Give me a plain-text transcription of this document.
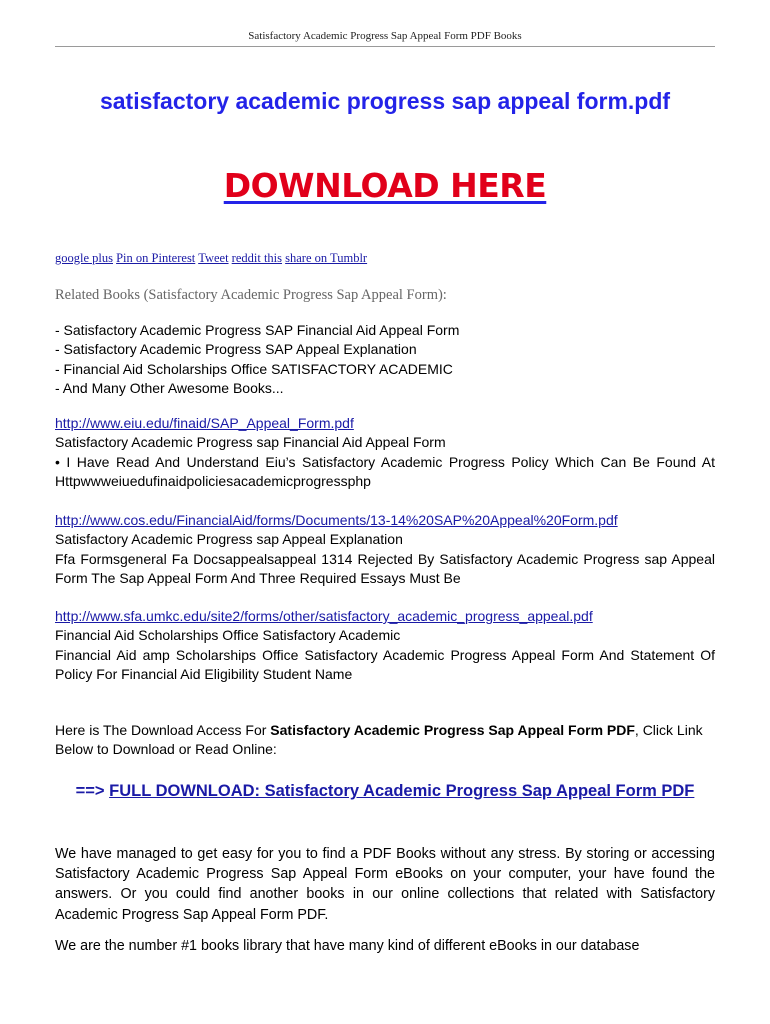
Satisfactory Academic Progress Sap Appeal Form PDF Books
satisfactory academic progress sap appeal form.pdf
DOWNLOAD HERE
google plus Pin on Pinterest Tweet reddit this share on Tumblr
Related Books (Satisfactory Academic Progress Sap Appeal Form):
- Satisfactory Academic Progress SAP Financial Aid Appeal Form
- Satisfactory Academic Progress SAP Appeal Explanation
- Financial Aid Scholarships Office SATISFACTORY ACADEMIC
- And Many Other Awesome Books...
http://www.eiu.edu/finaid/SAP_Appeal_Form.pdf
Satisfactory Academic Progress sap Financial Aid Appeal Form
• I Have Read And Understand Eiu’s Satisfactory Academic Progress Policy Which Can Be Found At Httpwwweiuedufinaidpoliciesacademicprogressphp
http://www.cos.edu/FinancialAid/forms/Documents/13-14%20SAP%20Appeal%20Form.pdf
Satisfactory Academic Progress sap Appeal Explanation
Ffa Formsgeneral Fa Docsappealsappeal 1314 Rejected By Satisfactory Academic Progress sap Appeal Form The Sap Appeal Form And Three Required Essays Must Be
http://www.sfa.umkc.edu/site2/forms/other/satisfactory_academic_progress_appeal.pdf
Financial Aid Scholarships Office Satisfactory Academic
Financial Aid amp Scholarships Office Satisfactory Academic Progress Appeal Form And Statement Of Policy For Financial Aid Eligibility Student Name
Here is The Download Access For Satisfactory Academic Progress Sap Appeal Form PDF, Click Link Below to Download or Read Online:
==> FULL DOWNLOAD: Satisfactory Academic Progress Sap Appeal Form PDF
We have managed to get easy for you to find a PDF Books without any stress. By storing or accessing Satisfactory Academic Progress Sap Appeal Form eBooks on your computer, your have found the answers. Or you could find another books in our online collections that related with Satisfactory Academic Progress Sap Appeal Form PDF.
We are the number #1 books library that have many kind of different eBooks in our database
